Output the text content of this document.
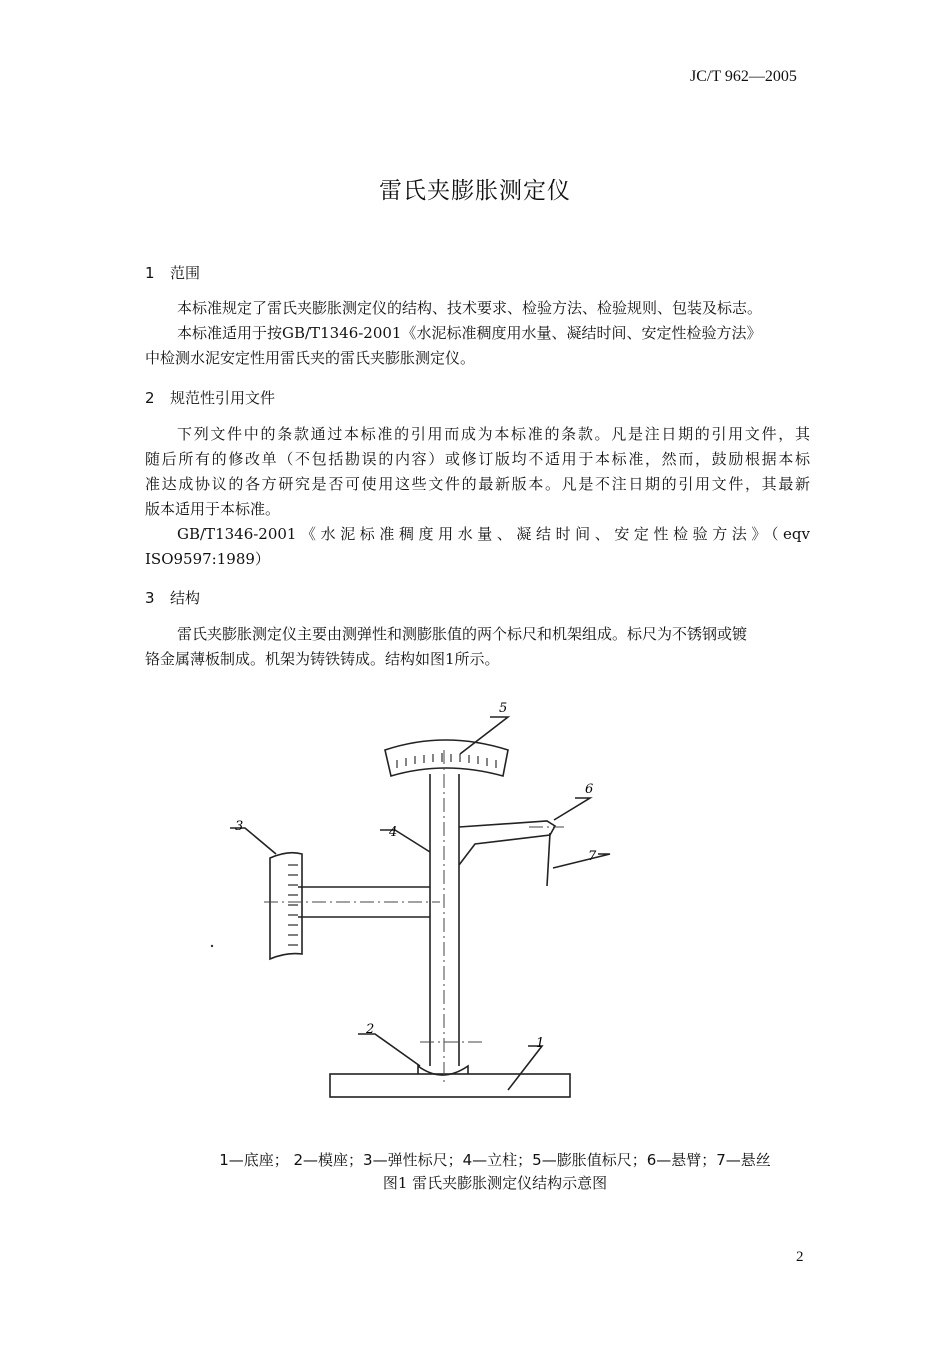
JC/T 962—2005
雷氏夹膨胀测定仪
1 范围
本标准规定了雷氏夹膨胀测定仪的结构、技术要求、检验方法、检验规则、包装及标志。
本标准适用于按GB/T1346-2001《水泥标准稠度用水量、凝结时间、安定性检验方法》
中检测水泥安定性用雷氏夹的雷氏夹膨胀测定仪。
2 规范性引用文件
下列文件中的条款通过本标准的引用而成为本标准的条款。凡是注日期的引用文件，其
随后所有的修改单（不包括勘误的内容）或修订版均不适用于本标准，然而，鼓励根据本标
准达成协议的各方研究是否可使用这些文件的最新版本。凡是不注日期的引用文件，其最新
版本适用于本标准。
GB/T1346-2001《水泥标准稠度用水量、凝结时间、安定性检验方法》（eqv
ISO9597:1989）
3 结构
雷氏夹膨胀测定仪主要由测弹性和测膨胀值的两个标尺和机架组成。标尺为不锈钢或镀
铬金属薄板制成。机架为铸铁铸成。结构如图1所示。
5
6
7
4
3
2
1
1—底座； 2—模座；3—弹性标尺；4—立柱；5—膨胀值标尺；6—悬臂；7—悬丝
图1 雷氏夹膨胀测定仪结构示意图
2
